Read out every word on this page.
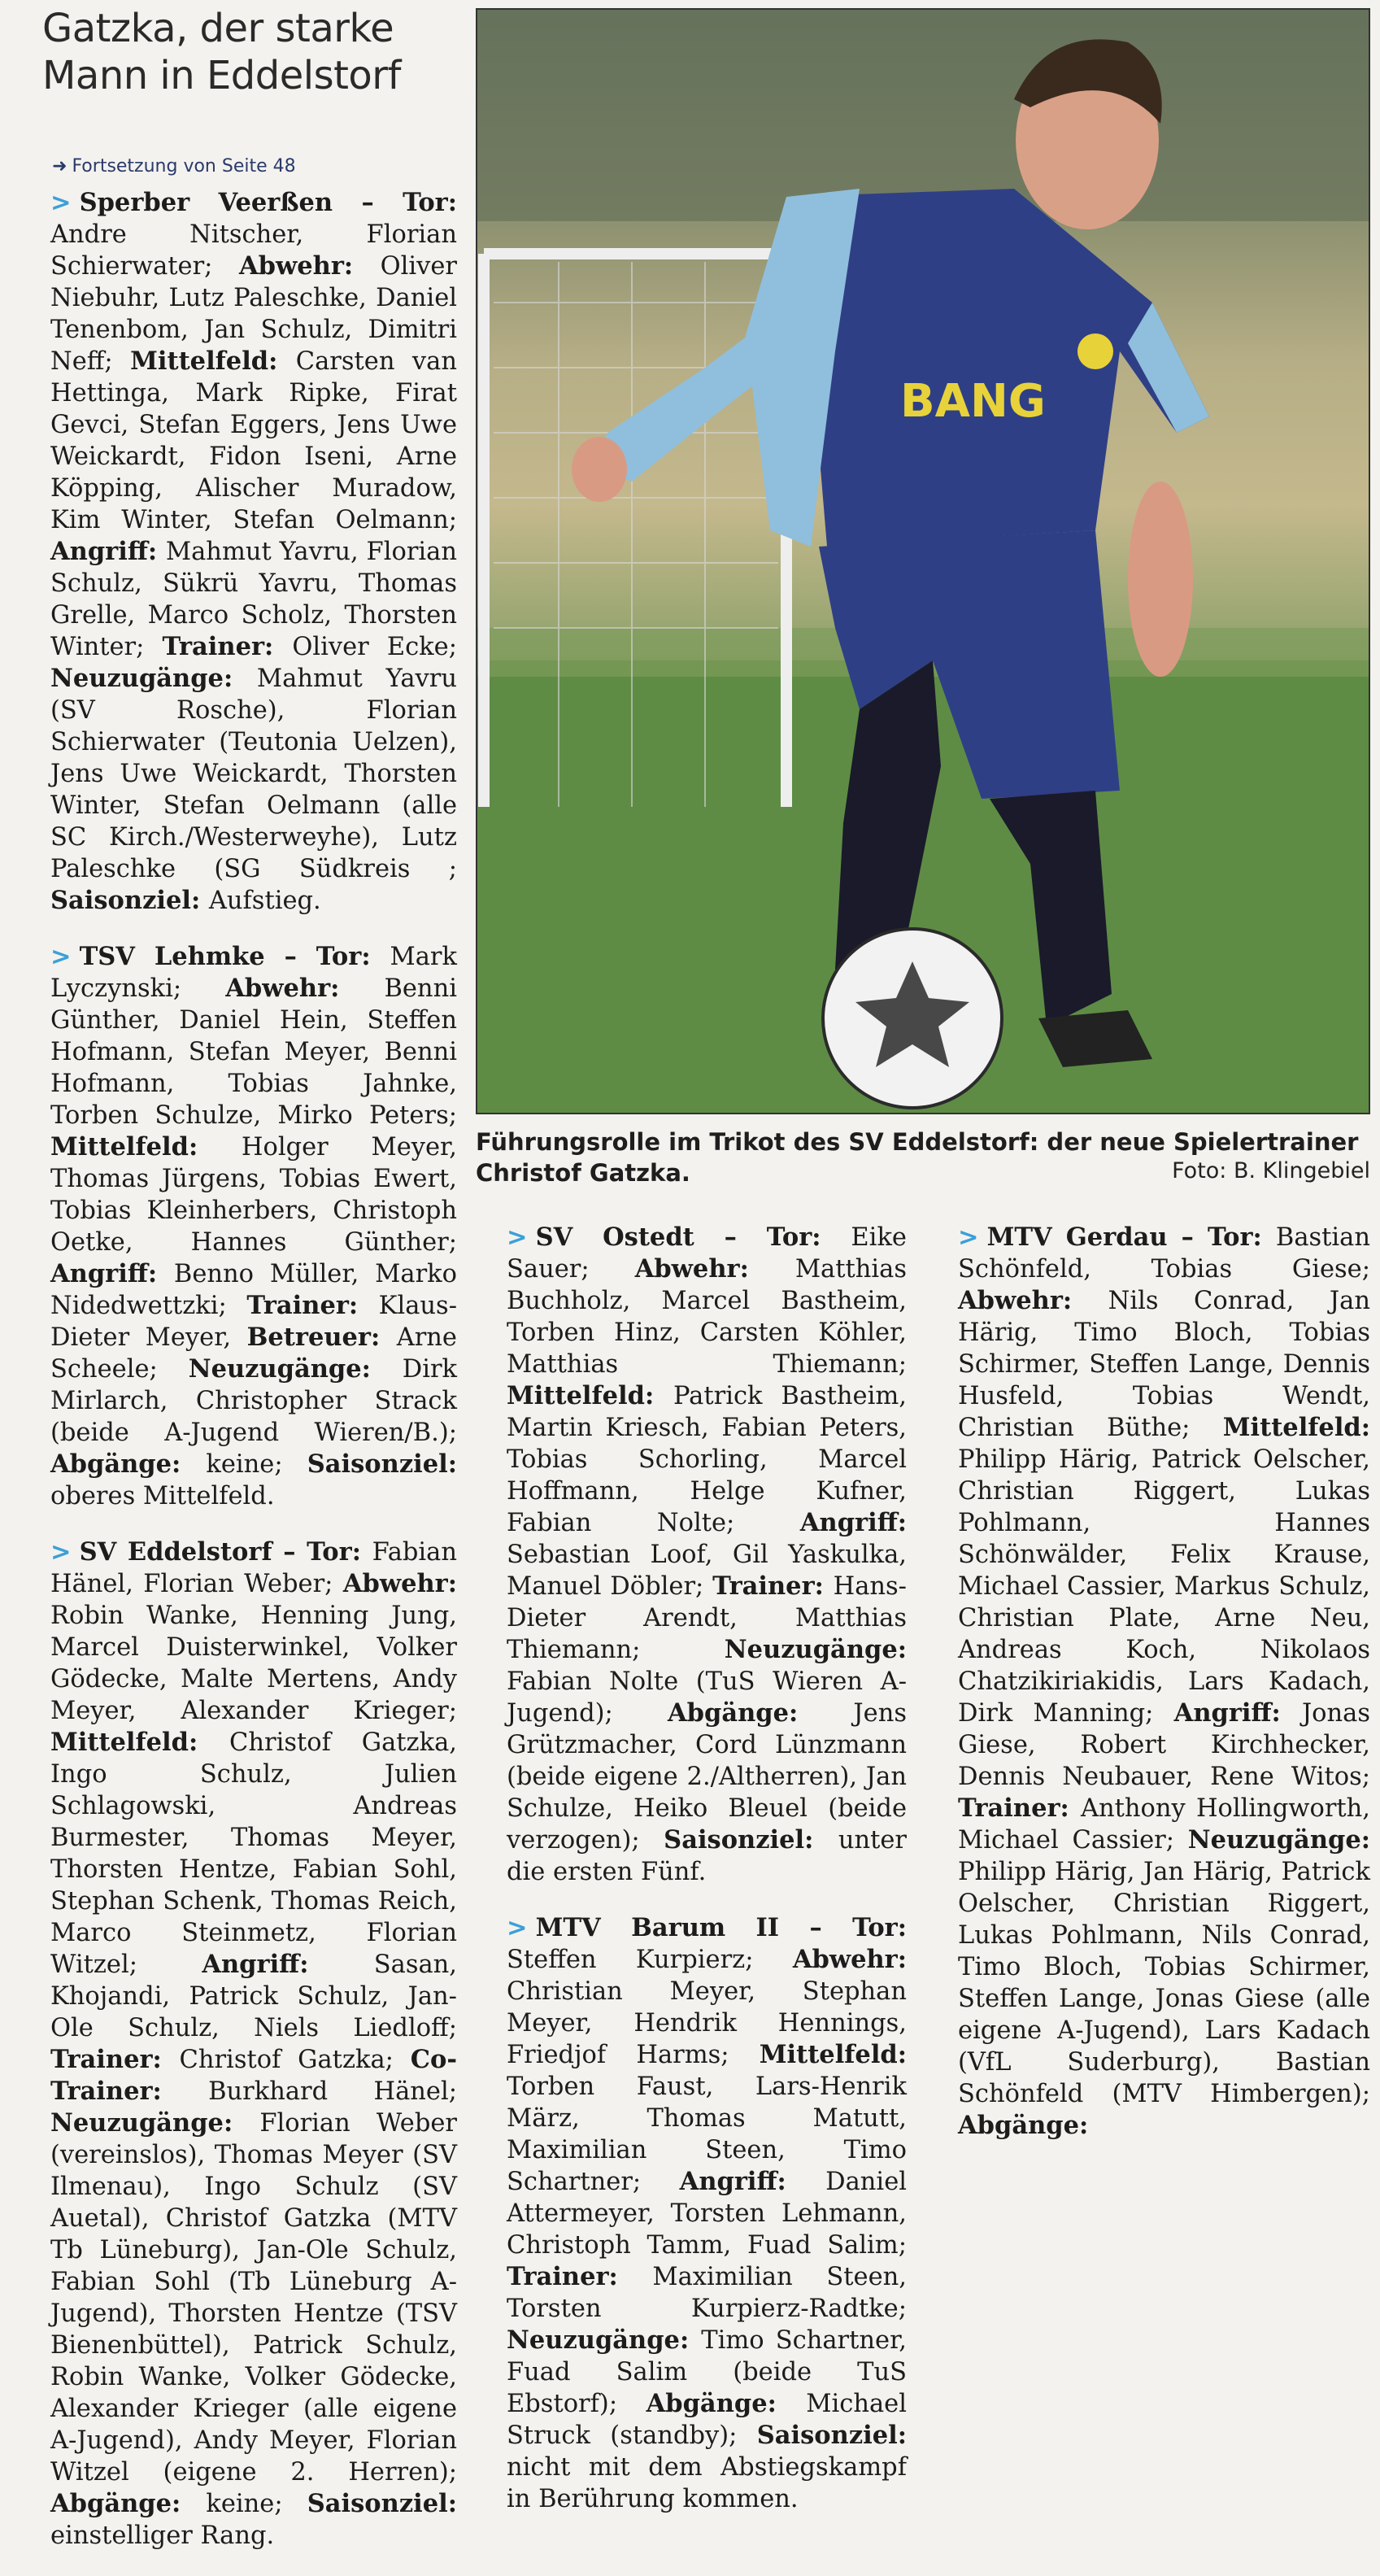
Gatzka, der starke
Mann in Eddelstorf
BANG
Führungsrolle im Trikot des SV Eddelstorf: der neue Spielertrainer Christof Gatzka.	Foto: B. Klingebiel
➜ Fortsetzung von Seite 48
> Sperber Veerßen – Tor: Andre Nitscher, Florian Schierwater; Abwehr: Oliver Niebuhr, Lutz Paleschke, Daniel Tenenbom, Jan Schulz, Dimitri Neff; Mittelfeld: Carsten van Hettinga, Mark Ripke, Firat Gevci, Stefan Eggers, Jens Uwe Weickardt, Fidon Iseni, Arne Köpping, Alischer Muradow, Kim Winter, Stefan Oelmann; Angriff: Mahmut Yavru, Florian Schulz, Sükrü Yavru, Thomas Grelle, Marco Scholz, Thorsten Winter; Trainer: Oliver Ecke; Neuzugänge: Mahmut Yavru (SV Rosche), Florian Schierwater (Teutonia Uelzen), Jens Uwe Weickardt, Thorsten Winter, Stefan Oelmann (alle SC Kirch./Westerweyhe), Lutz Paleschke (SG Südkreis ; Saisonziel: Aufstieg.
> TSV Lehmke – Tor: Mark Lyczynski; Abwehr: Benni Günther, Daniel Hein, Steffen Hofmann, Stefan Meyer, Benni Hofmann, Tobias Jahnke, Torben Schulze, Mirko Peters; Mittelfeld: Holger Meyer, Thomas Jürgens, Tobias Ewert, Tobias Kleinherbers, Christoph Oetke, Hannes Günther; Angriff: Benno Müller, Marko Nidedwettzki; Trainer: Klaus-Dieter Meyer, Betreuer: Arne Scheele; Neuzugänge: Dirk Mirlarch, Christopher Strack (beide A-Jugend Wieren/B.); Abgänge: keine; Saisonziel: oberes Mittelfeld.
> SV Eddelstorf – Tor: Fabian Hänel, Florian Weber; Abwehr: Robin Wanke, Henning Jung, Marcel Duisterwinkel, Volker Gödecke, Malte Mertens, Andy Meyer, Alexander Krieger; Mittelfeld: Christof Gatzka, Ingo Schulz, Julien Schlagowski, Andreas Burmester, Thomas Meyer, Thorsten Hentze, Fabian Sohl, Stephan Schenk, Thomas Reich, Marco Steinmetz, Florian Witzel; Angriff: Sasan, Khojandi, Patrick Schulz, Jan-Ole Schulz, Niels Liedloff; Trainer: Christof Gatzka; Co-Trainer: Burkhard Hänel; Neuzugänge: Florian Weber (vereinslos), Thomas Meyer (SV Ilmenau), Ingo Schulz (SV Auetal), Christof Gatzka (MTV Tb Lüneburg), Jan-Ole Schulz, Fabian Sohl (Tb Lüneburg A-Jugend), Thorsten Hentze (TSV Bienenbüttel), Patrick Schulz, Robin Wanke, Volker Gödecke, Alexander Krieger (alle eigene A-Jugend), Andy Meyer, Florian Witzel (eigene 2. Herren); Abgänge: keine; Saisonziel: einstelliger Rang.
> SV Ostedt – Tor: Eike Sauer; Abwehr: Matthias Buchholz, Marcel Bastheim, Torben Hinz, Carsten Köhler, Matthias Thiemann; Mittelfeld: Patrick Bastheim, Martin Kriesch, Fabian Peters, Tobias Schorling, Marcel Hoffmann, Helge Kufner, Fabian Nolte; Angriff: Sebastian Loof, Gil Yaskulka, Manuel Döbler; Trainer: Hans-Dieter Arendt, Matthias Thiemann; Neuzugänge: Fabian Nolte (TuS Wieren A-Jugend); Abgänge: Jens Grützmacher, Cord Lünzmann (beide eigene 2./Altherren), Jan Schulze, Heiko Bleuel (beide verzogen); Saisonziel: unter die ersten Fünf.
> MTV Barum II – Tor: Steffen Kurpierz; Abwehr: Christian Meyer, Stephan Meyer, Hendrik Hennings, Friedjof Harms; Mittelfeld: Torben Faust, Lars-Henrik März, Thomas Matutt, Maximilian Steen, Timo Schartner; Angriff: Daniel Attermeyer, Torsten Lehmann, Christoph Tamm, Fuad Salim; Trainer: Maximilian Steen, Torsten Kurpierz-Radtke; Neuzugänge: Timo Schartner, Fuad Salim (beide TuS Ebstorf); Abgänge: Michael Struck (standby); Saisonziel: nicht mit dem Abstiegskampf in Berührung kommen.
> MTV Gerdau – Tor: Bastian Schönfeld, Tobias Giese; Abwehr: Nils Conrad, Jan Härig, Timo Bloch, Tobias Schirmer, Steffen Lange, Dennis Husfeld, Tobias Wendt, Christian Büthe; Mittelfeld: Philipp Härig, Patrick Oelscher, Christian Riggert, Lukas Pohlmann, Hannes Schönwälder, Felix Krause, Michael Cassier, Markus Schulz, Christian Plate, Arne Neu, Andreas Koch, Nikolaos Chatzikiriakidis, Lars Kadach, Dirk Manning; Angriff: Jonas Giese, Robert Kirchhecker, Dennis Neubauer, Rene Witos; Trainer: Anthony Hollingworth, Michael Cassier; Neuzugänge: Philipp Härig, Jan Härig, Patrick Oelscher, Christian Riggert, Lukas Pohlmann, Nils Conrad, Timo Bloch, Tobias Schirmer, Steffen Lange, Jonas Giese (alle eigene A-Jugend), Lars Kadach (VfL Suderburg), Bastian Schönfeld (MTV Himbergen); Abgänge:
